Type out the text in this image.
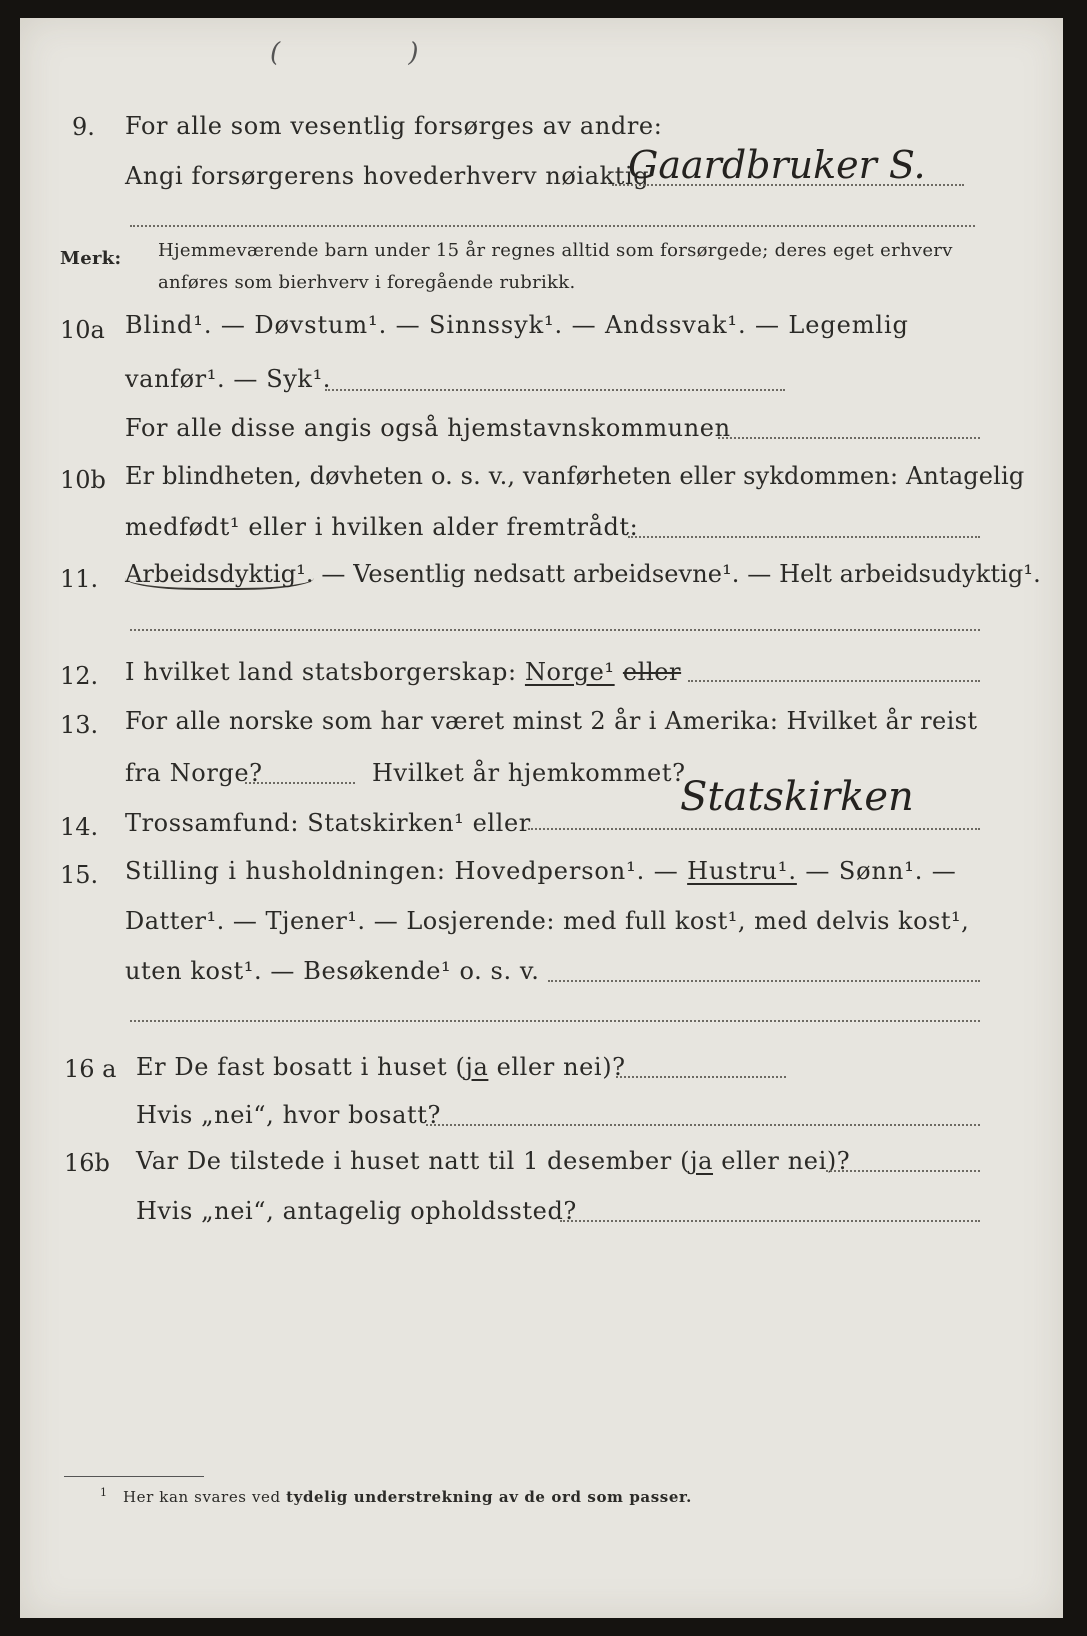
( )
9. For alle som vesentlig forsørges av andre:
Angi forsørgerens hovederhverv nøiaktig
Gaardbruker S.
Merk: Hjemmeværende barn under 15 år regnes alltid som forsørgede; deres eget erhverv
anføres som bierhverv i foregående rubrikk.
10a Blind¹. — Døvstum¹. — Sinnssyk¹. — Andssvak¹. — Legemlig
vanfør¹. — Syk¹.
For alle disse angis også hjemstavnskommunen
10b Er blindheten, døvheten o. s. v., vanførheten eller sykdommen: Antagelig
medfødt¹ eller i hvilken alder fremtrådt:
11. Arbeidsdyktig¹. — Vesentlig nedsatt arbeidsevne¹. — Helt arbeidsudyktig¹.
12. I hvilket land statsborgerskap: Norge¹ eller
13. For alle norske som har været minst 2 år i Amerika: Hvilket år reist
fra Norge?	Hvilket år hjemkommet?
14. Trossamfund: Statskirken¹ eller
Statskirken
15. Stilling i husholdningen: Hovedperson¹. — Hustru¹. — Sønn¹. —
Datter¹. — Tjener¹. — Losjerende: med full kost¹, med delvis kost¹,
uten kost¹. — Besøkende¹ o. s. v.
16 a Er De fast bosatt i huset (ja eller nei)?
Hvis „nei“, hvor bosatt?
16b Var De tilstede i huset natt til 1 desember (ja eller nei)?
Hvis „nei“, antagelig opholdssted?
$^1$ Her kan svares ved tydelig understrekning av de ord som passer.
